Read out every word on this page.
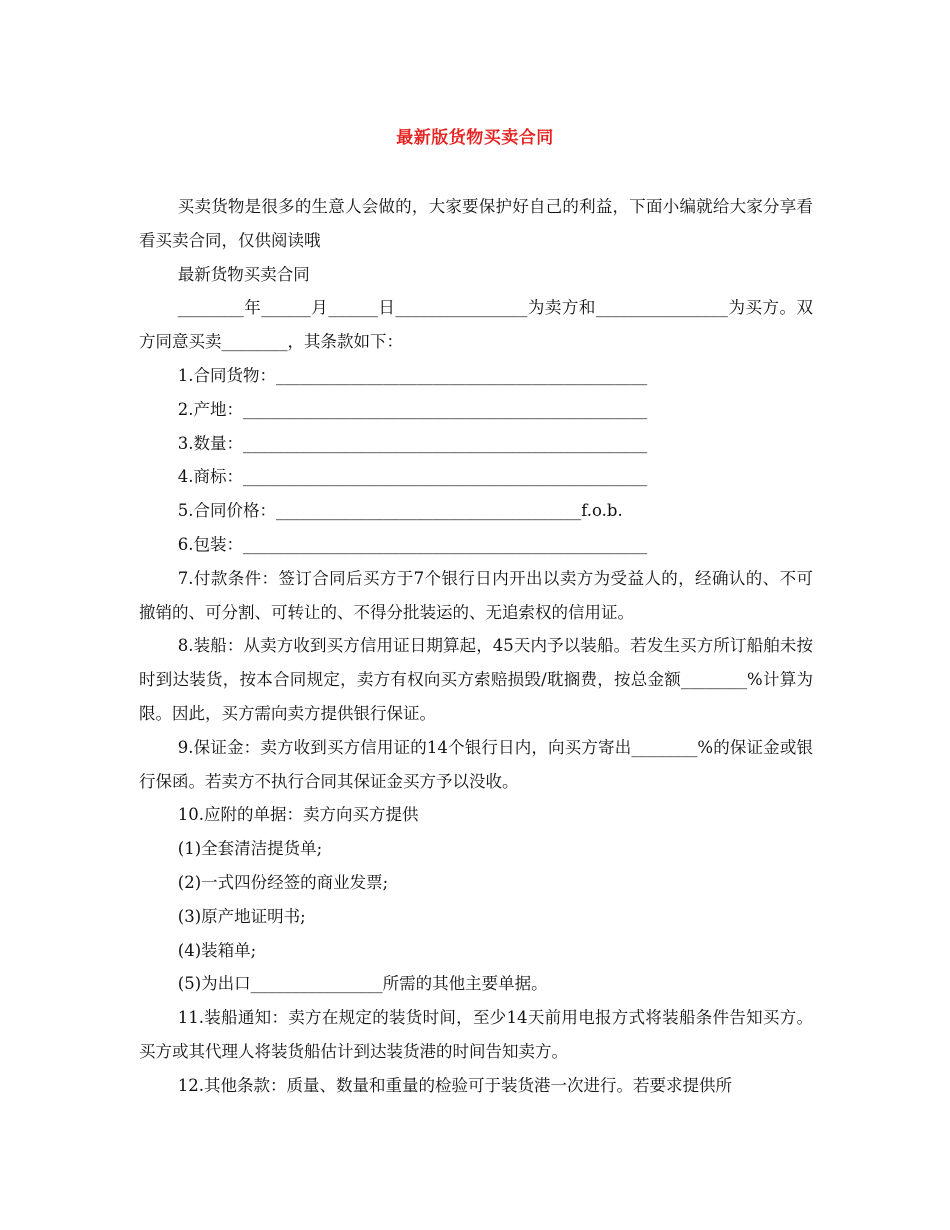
最新版货物买卖合同

买卖货物是很多的生意人会做的，大家要保护好自己的利益，下面小编就给大家分享看看买卖合同，仅供阅读哦

最新货物买卖合同

________年______月______日________________为卖方和________________为买方。双方同意买卖________，其条款如下：

1.合同货物：_____________________________________________

2.产地：_________________________________________________

3.数量：_________________________________________________

4.商标：_________________________________________________

5.合同价格：_____________________________________f.o.b.

6.包装：_________________________________________________

7.付款条件：签订合同后买方于7个银行日内开出以卖方为受益人的，经确认的、不可撤销的、可分割、可转让的、不得分批装运的、无追索权的信用证。

8.装船：从卖方收到买方信用证日期算起，45天内予以装船。若发生买方所订船舶未按时到达装货，按本合同规定，卖方有权向买方索赔损毁/耽搁费，按总金额________%计算为限。因此，买方需向卖方提供银行保证。

9.保证金：卖方收到买方信用证的14个银行日内，向买方寄出________%的保证金或银行保函。若卖方不执行合同其保证金买方予以没收。

10.应附的单据：卖方向买方提供

(1)全套清洁提货单;

(2)一式四份经签的商业发票;

(3)原产地证明书;

(4)装箱单;

(5)为出口________________所需的其他主要单据。

11.装船通知：卖方在规定的装货时间，至少14天前用电报方式将装船条件告知买方。买方或其代理人将装货船估计到达装货港的时间告知卖方。

12.其他条款：质量、数量和重量的检验可于装货港一次进行。若要求提供所
